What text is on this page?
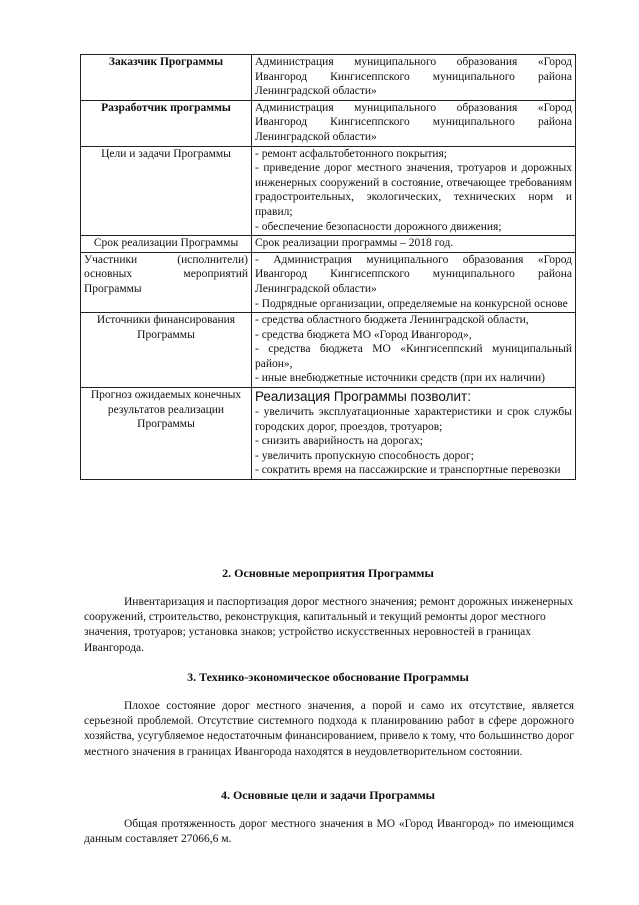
Заказчик Программы	Администрация муниципального образования «Город Ивангород Кингисеппского муниципального района Ленинградской области»

Разработчик программы	Администрация муниципального образования «Город Ивангород Кингисеппского муниципального района Ленинградской области»

Цели и задачи Программы	- ремонт асфальтобетонного покрытия;
- приведение дорог местного значения, тротуаров и дорожных инженерных сооружений в состояние, отвечающее требованиям градостроительных, экологических, технических норм и правил;
- обеспечение безопасности дорожного движения;

Срок реализации Программы	Срок реализации программы – 2018 год.

Участники (исполнители) основных мероприятий Программы	- Администрация муниципального образования «Город Ивангород Кингисеппского муниципального района Ленинградской области»
- Подрядные организации, определяемые на конкурсной основе

Источники финансирования Программы	- средства областного бюджета Ленинградской области,
- средства бюджета МО «Город Ивангород»,
- средства бюджета МО «Кингисеппский муниципальный район»,
- иные внебюджетные источники средств (при их наличии)

Прогноз ожидаемых конечных результатов реализации Программы	Реализация Программы позволит:
- увеличить эксплуатационные характеристики и срок службы городских дорог, проездов, тротуаров;
- снизить аварийность на дорогах;
- увеличить пропускную способность дорог;
- сократить время на пассажирские и транспортные перевозки
2. Основные мероприятия Программы
Инвентаризация и паспортизация дорог местного значения; ремонт дорожных инженерных сооружений, строительство, реконструкция, капитальный и текущий ремонты дорог местного значения, тротуаров; установка знаков; устройство искусственных неровностей в границах Ивангорода.
3. Технико-экономическое обоснование Программы
Плохое состояние дорог местного значения, а порой и само их отсутствие, является серьезной проблемой. Отсутствие системного подхода к планированию работ в сфере дорожного хозяйства, усугубляемое недостаточным финансированием, привело к тому, что большинство дорог местного значения в границах Ивангорода находятся в неудовлетворительном состоянии.
4. Основные цели и задачи Программы
Общая протяженность дорог местного значения в МО «Город Ивангород» по имеющимся данным составляет 27066,6 м.
